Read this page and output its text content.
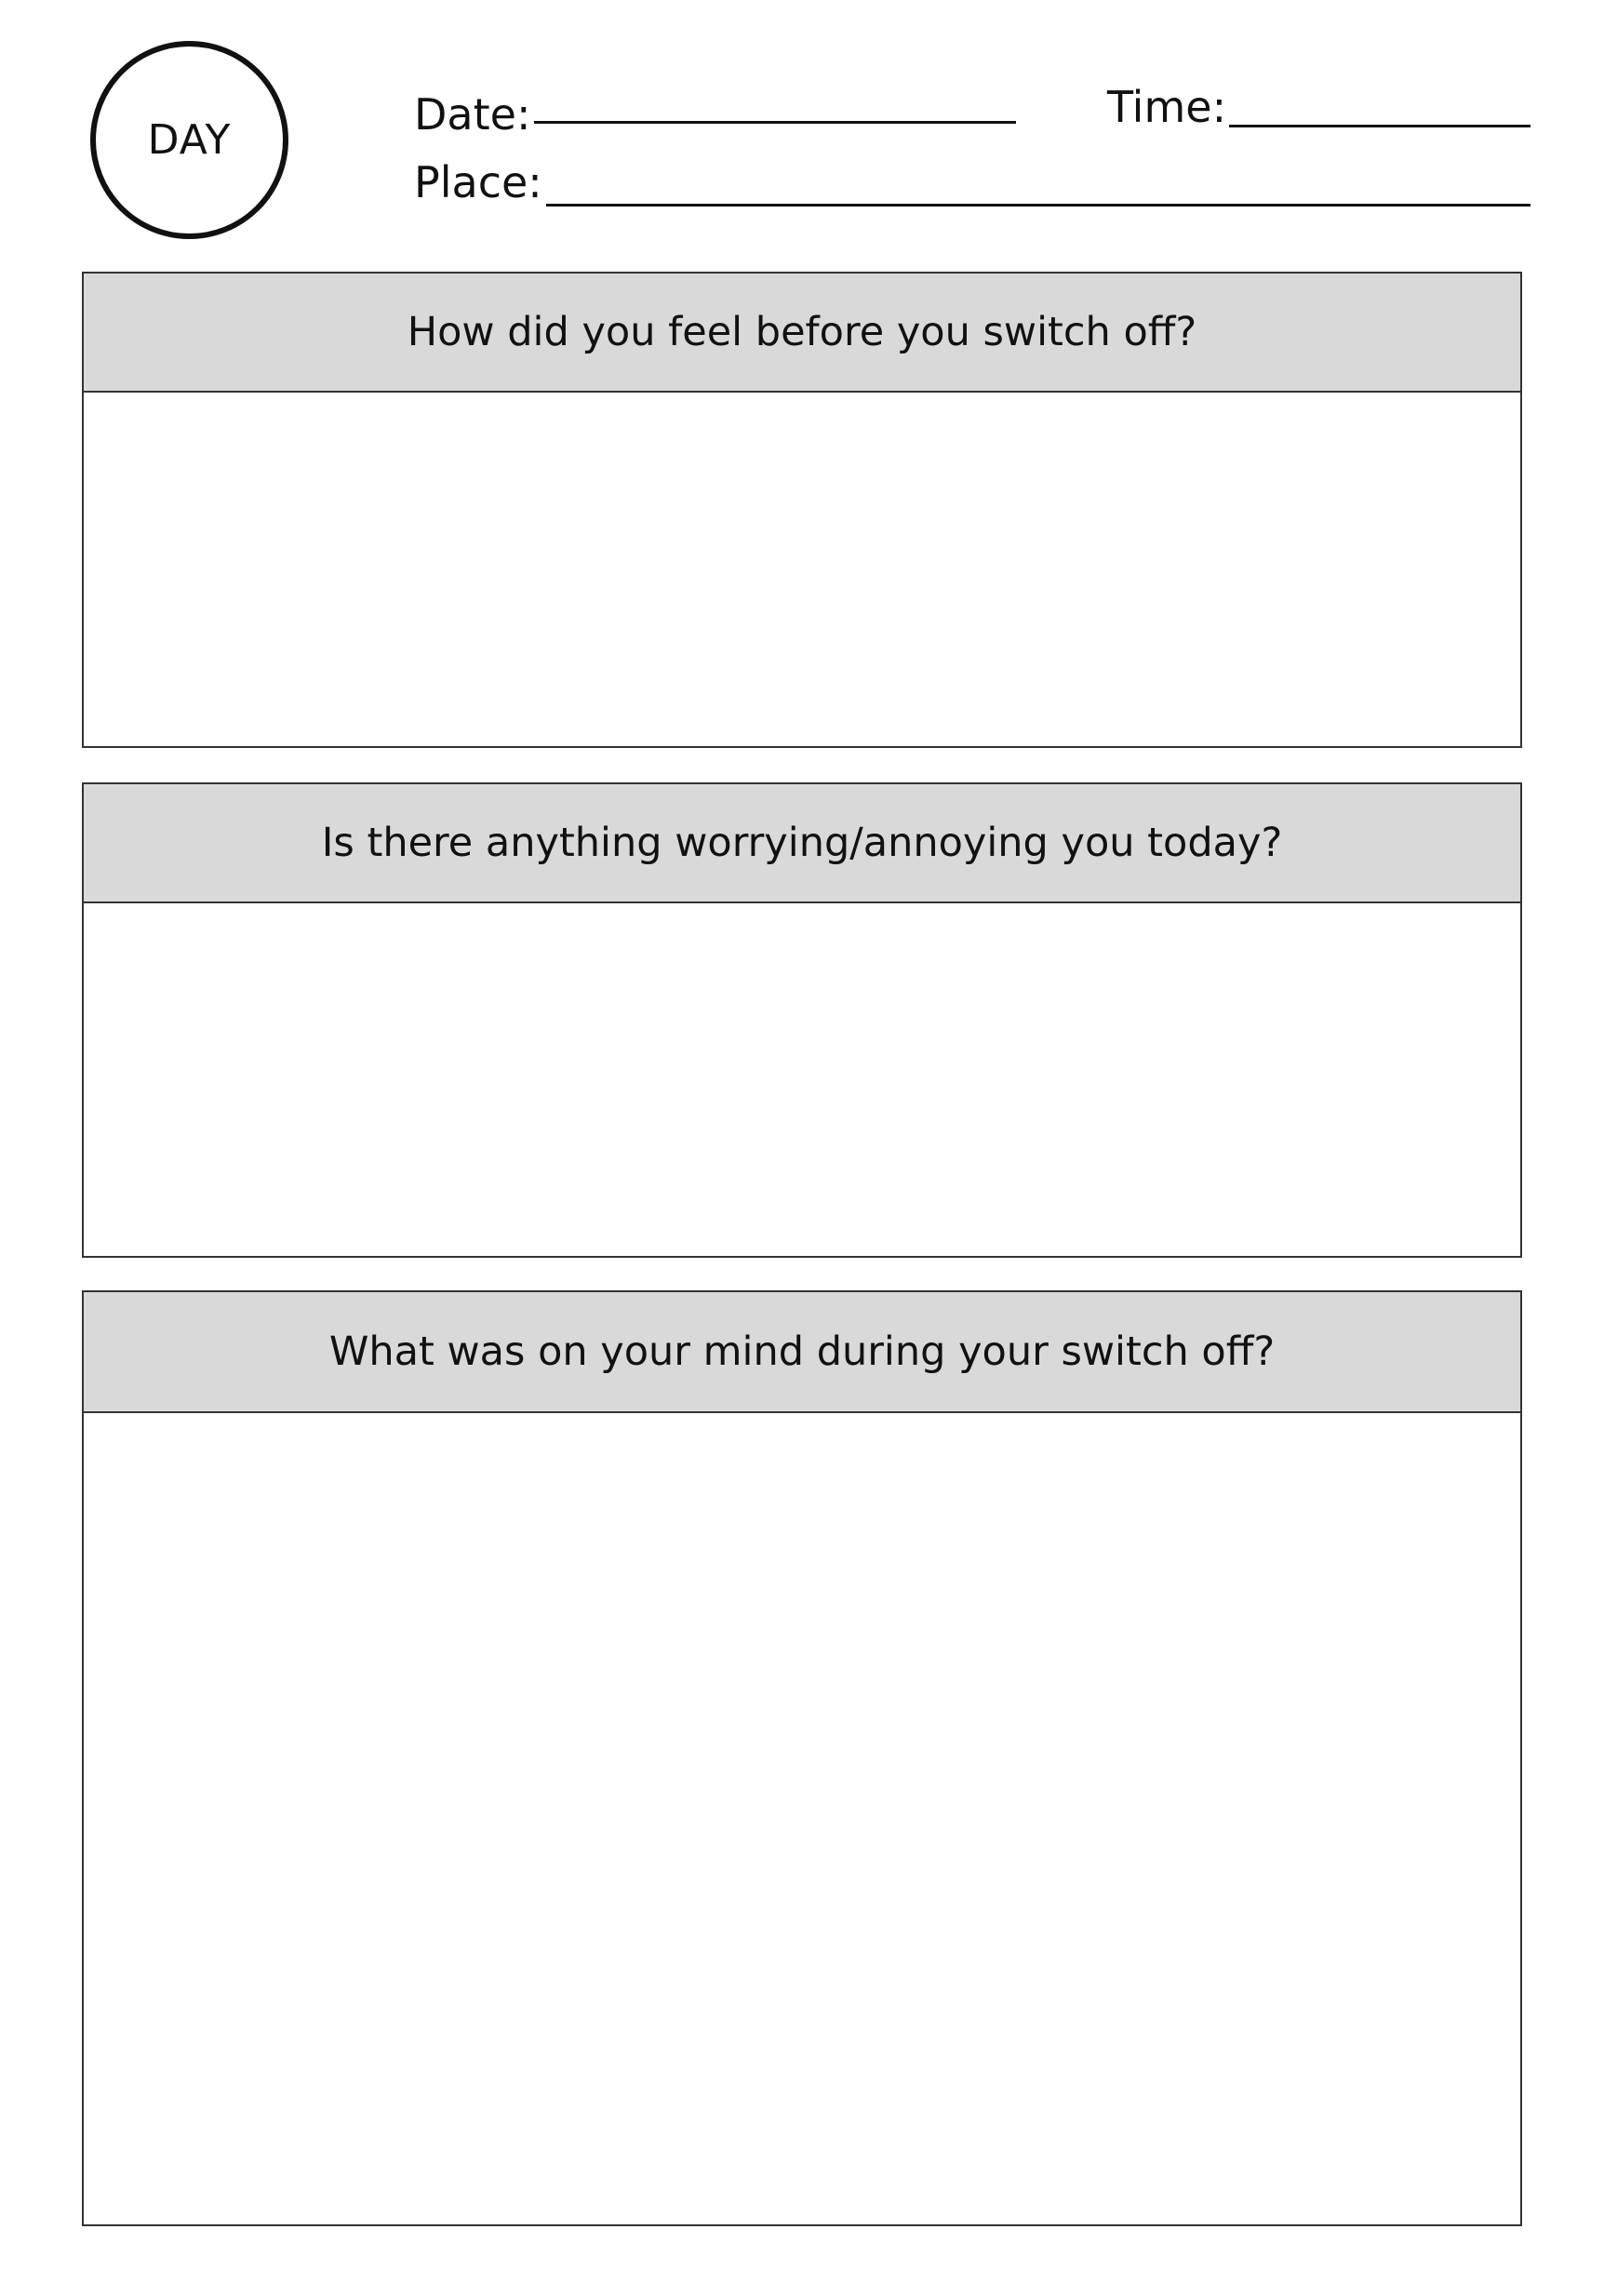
DAY
Date:	Time:
Place:
How did you feel before you switch off?
Is there anything worrying/annoying you today?
What was on your mind during your switch off?
